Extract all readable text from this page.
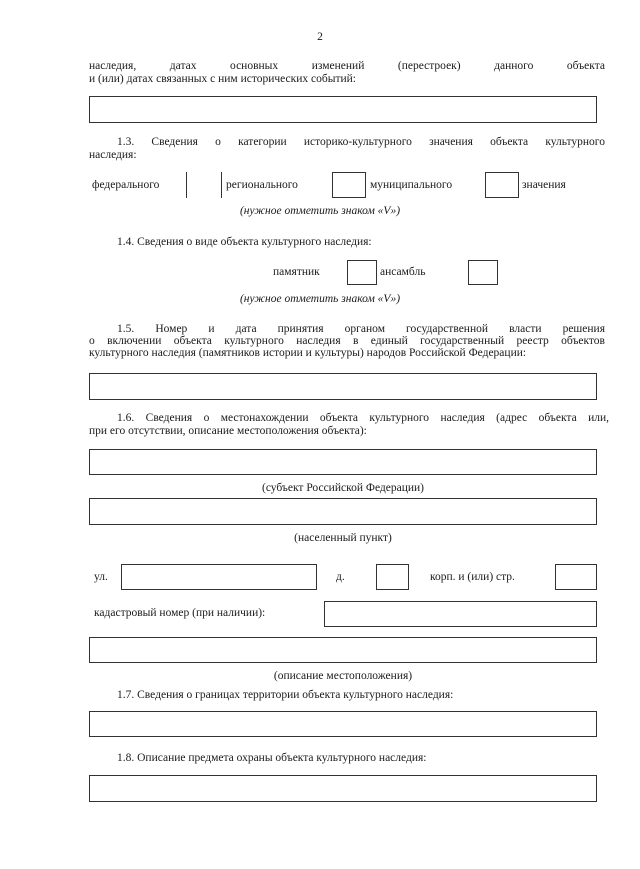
2
наследия, датах основных изменений (перестроек) данного объекта
и (или) датах связанных с ним исторических событий:
1.3. Сведения о категории историко-культурного значения объекта культурного
наследия:
федерального	регионального	муниципального	значения
(нужное отметить знаком «V»)
1.4. Сведения о виде объекта культурного наследия:
памятник	ансамбль
(нужное отметить знаком «V»)
1.5. Номер и дата принятия органом государственной власти решения
о включении объекта культурного наследия в единый государственный реестр объектов
культурного наследия (памятников истории и культуры) народов Российской Федерации:
1.6. Сведения о местонахождении объекта культурного наследия (адрес объекта или,
при его отсутствии, описание местоположения объекта):
(субъект Российской Федерации)
(населенный пункт)
ул.	д.	корп. и (или) стр.
кадастровый номер (при наличии):
(описание местоположения)
1.7. Сведения о границах территории объекта культурного наследия:
1.8. Описание предмета охраны объекта культурного наследия:
